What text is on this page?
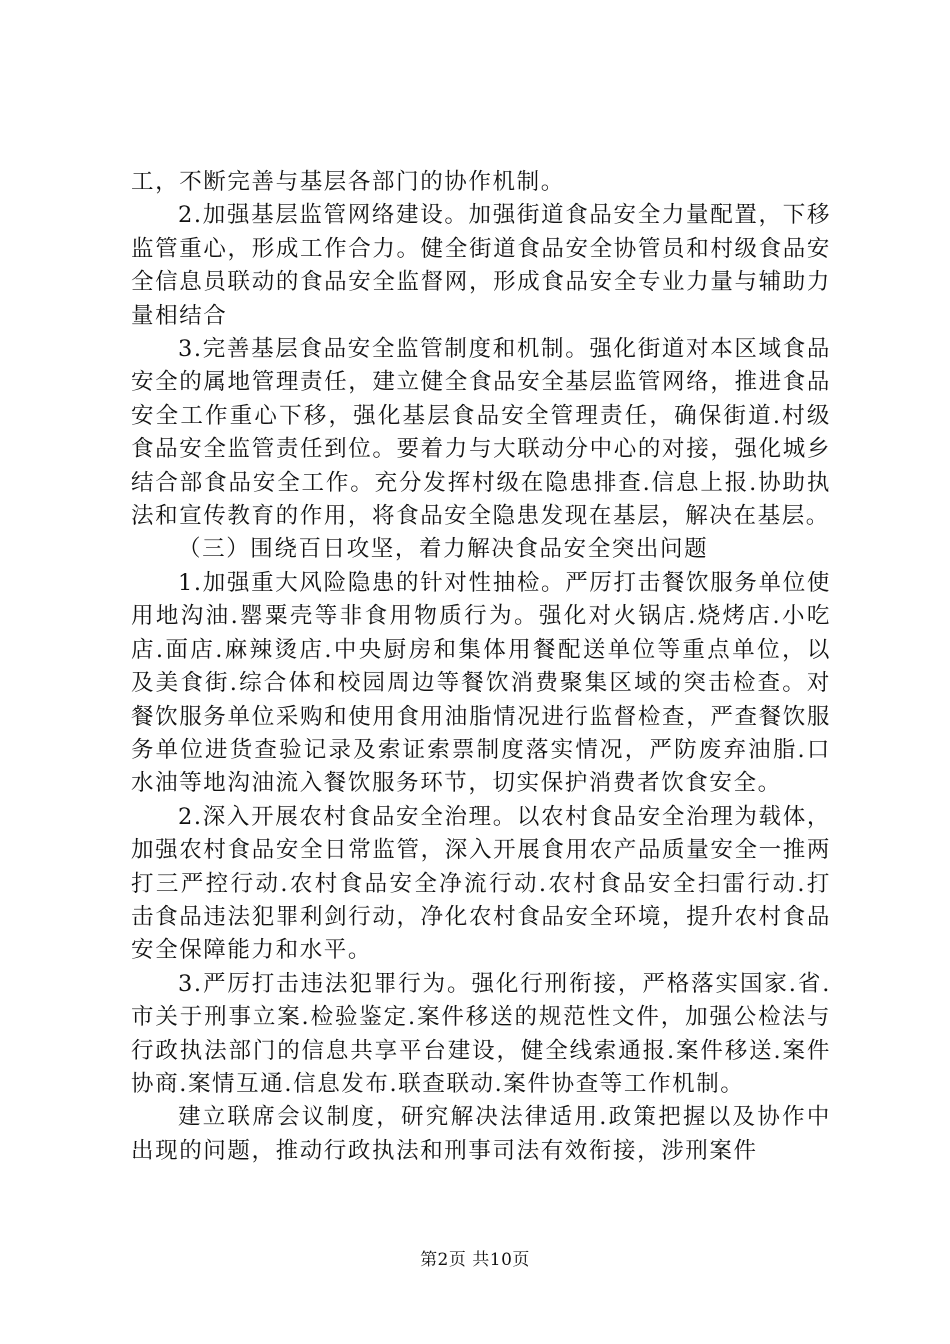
工，不断完善与基层各部门的协作机制。

2.加强基层监管网络建设。加强街道食品安全力量配置，下移监管重心，形成工作合力。健全街道食品安全协管员和村级食品安全信息员联动的食品安全监督网，形成食品安全专业力量与辅助力量相结合

3.完善基层食品安全监管制度和机制。强化街道对本区域食品安全的属地管理责任，建立健全食品安全基层监管网络，推进食品安全工作重心下移，强化基层食品安全管理责任，确保街道.村级食品安全监管责任到位。要着力与大联动分中心的对接，强化城乡结合部食品安全工作。充分发挥村级在隐患排查.信息上报.协助执法和宣传教育的作用，将食品安全隐患发现在基层，解决在基层。

（三）围绕百日攻坚，着力解决食品安全突出问题

1.加强重大风险隐患的针对性抽检。严厉打击餐饮服务单位使用地沟油.罂粟壳等非食用物质行为。强化对火锅店.烧烤店.小吃店.面店.麻辣烫店.中央厨房和集体用餐配送单位等重点单位，以及美食街.综合体和校园周边等餐饮消费聚集区域的突击检查。对餐饮服务单位采购和使用食用油脂情况进行监督检查，严查餐饮服务单位进货查验记录及索证索票制度落实情况，严防废弃油脂.口水油等地沟油流入餐饮服务环节，切实保护消费者饮食安全。

2.深入开展农村食品安全治理。以农村食品安全治理为载体，加强农村食品安全日常监管，深入开展食用农产品质量安全一推两打三严控行动.农村食品安全净流行动.农村食品安全扫雷行动.打击食品违法犯罪利剑行动，净化农村食品安全环境，提升农村食品安全保障能力和水平。

3.严厉打击违法犯罪行为。强化行刑衔接，严格落实国家.省.市关于刑事立案.检验鉴定.案件移送的规范性文件，加强公检法与行政执法部门的信息共享平台建设，健全线索通报.案件移送.案件协商.案情互通.信息发布.联查联动.案件协查等工作机制。

建立联席会议制度，研究解决法律适用.政策把握以及协作中出现的问题，推动行政执法和刑事司法有效衔接，涉刑案件

第2页 共10页
